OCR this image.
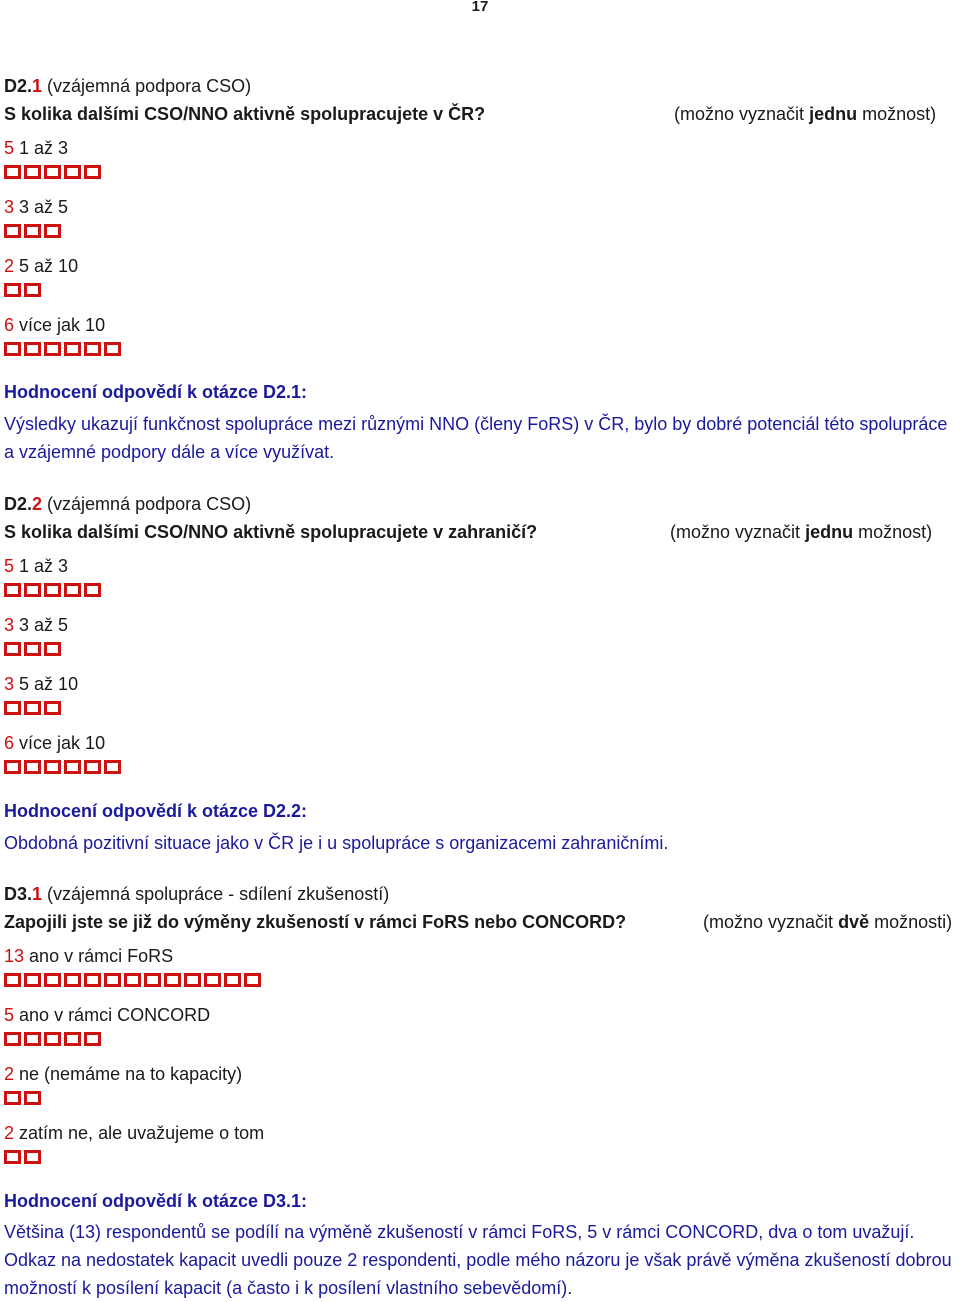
17
D2.1 (vzájemná podpora CSO)
S kolika dalšími CSO/NNO aktivně spolupracujete v ČR?	(možno vyznačit jednu možnost)
5 1 až 3
3 3 až 5
2 5 až 10
6 více jak 10
Hodnocení odpovědí k otázce D2.1:
Výsledky ukazují funkčnost spolupráce mezi různými NNO (členy FoRS) v ČR, bylo by dobré potenciál této spolupráce a vzájemné podpory dále a více využívat.
D2.2 (vzájemná podpora CSO)
S kolika dalšími CSO/NNO aktivně spolupracujete v zahraničí?	(možno vyznačit jednu možnost)
5 1 až 3
3 3 až 5
3 5 až 10
6 více jak 10
Hodnocení odpovědí k otázce D2.2:
Obdobná pozitivní situace jako v ČR je i u spolupráce s organizacemi zahraničními.
D3.1 (vzájemná spolupráce - sdílení zkušeností)
Zapojili jste se již do výměny zkušeností v rámci FoRS nebo CONCORD?	(možno vyznačit dvě možnosti)
13 ano v rámci FoRS
5 ano v rámci CONCORD
2 ne (nemáme na to kapacity)
2 zatím ne, ale uvažujeme o tom
Hodnocení odpovědí k otázce D3.1:
Většina (13) respondentů se podílí na výměně zkušeností v rámci FoRS, 5 v rámci CONCORD, dva o tom uvažují. Odkaz na nedostatek kapacit uvedli pouze 2 respondenti, podle mého názoru je však právě výměna zkušeností dobrou možností k posílení kapacit (a často i k posílení vlastního sebevědomí).
